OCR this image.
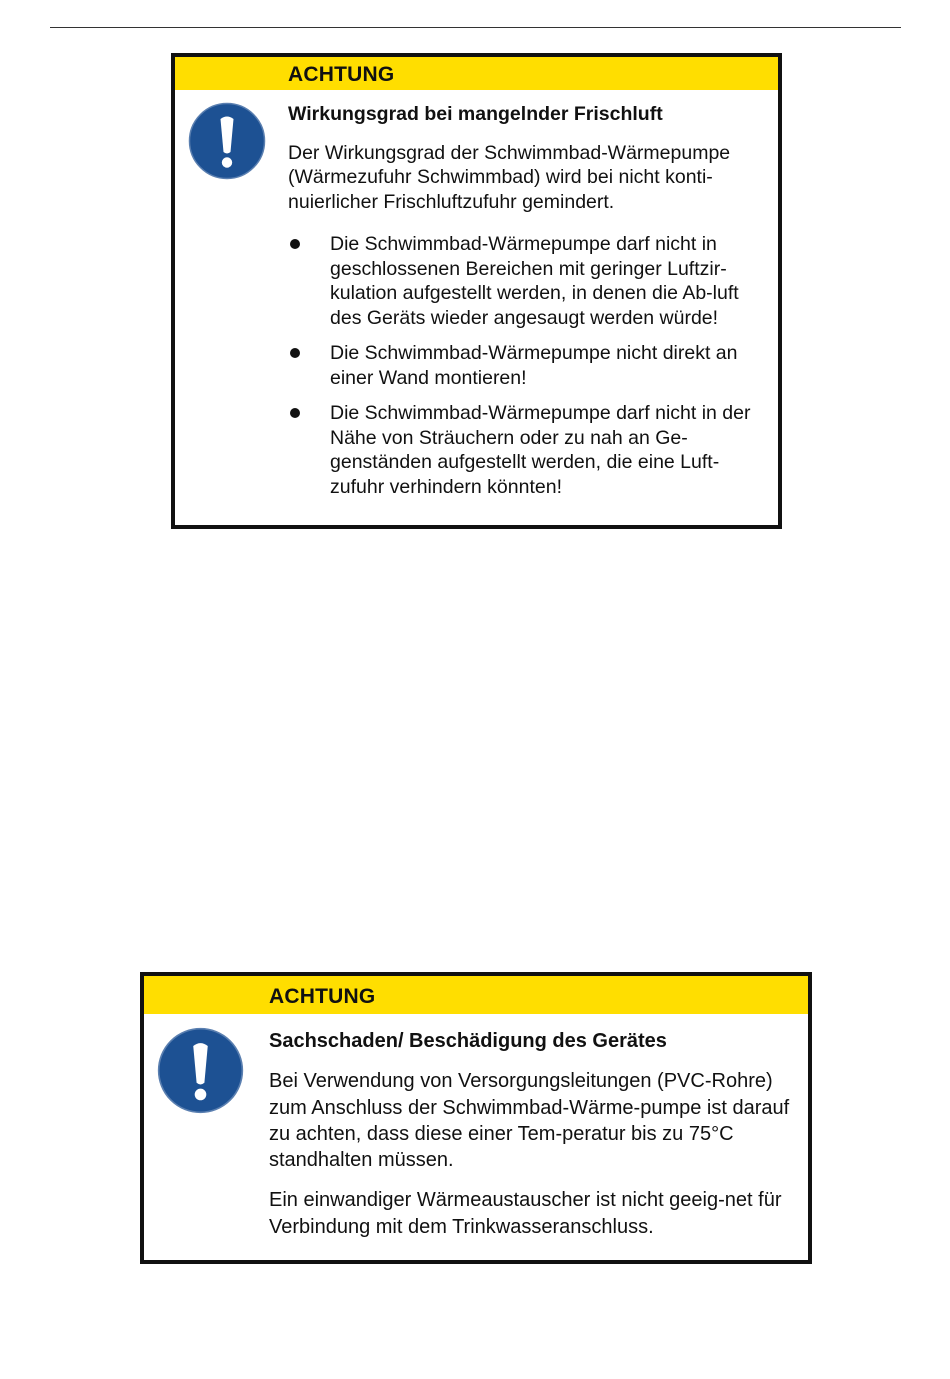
ACHTUNG
Wirkungsgrad bei mangelnder Frischluft

Der Wirkungsgrad der Schwimmbad-Wärmepumpe (Wärmezufuhr Schwimmbad) wird bei nicht konti-nuierlicher Frischluftzufuhr gemindert.

Die Schwimmbad-Wärmepumpe darf nicht in geschlossenen Bereichen mit geringer Luftzir-kulation aufgestellt werden, in denen die Ab-luft des Geräts wieder angesaugt werden würde!
Die Schwimmbad-Wärmepumpe nicht direkt an einer Wand montieren!
Die Schwimmbad-Wärmepumpe darf nicht in der Nähe von Sträuchern oder zu nah an Ge-genständen aufgestellt werden, die eine Luft-zufuhr verhindern könnten!
ACHTUNG
Sachschaden/ Beschädigung des Gerätes

Bei Verwendung von Versorgungsleitungen (PVC-Rohre) zum Anschluss der Schwimmbad-Wärme-pumpe ist darauf zu achten, dass diese einer Tem-peratur bis zu 75°C standhalten müssen.

Ein einwandiger Wärmeaustauscher ist nicht geeig-net für Verbindung mit dem Trinkwasseranschluss.
